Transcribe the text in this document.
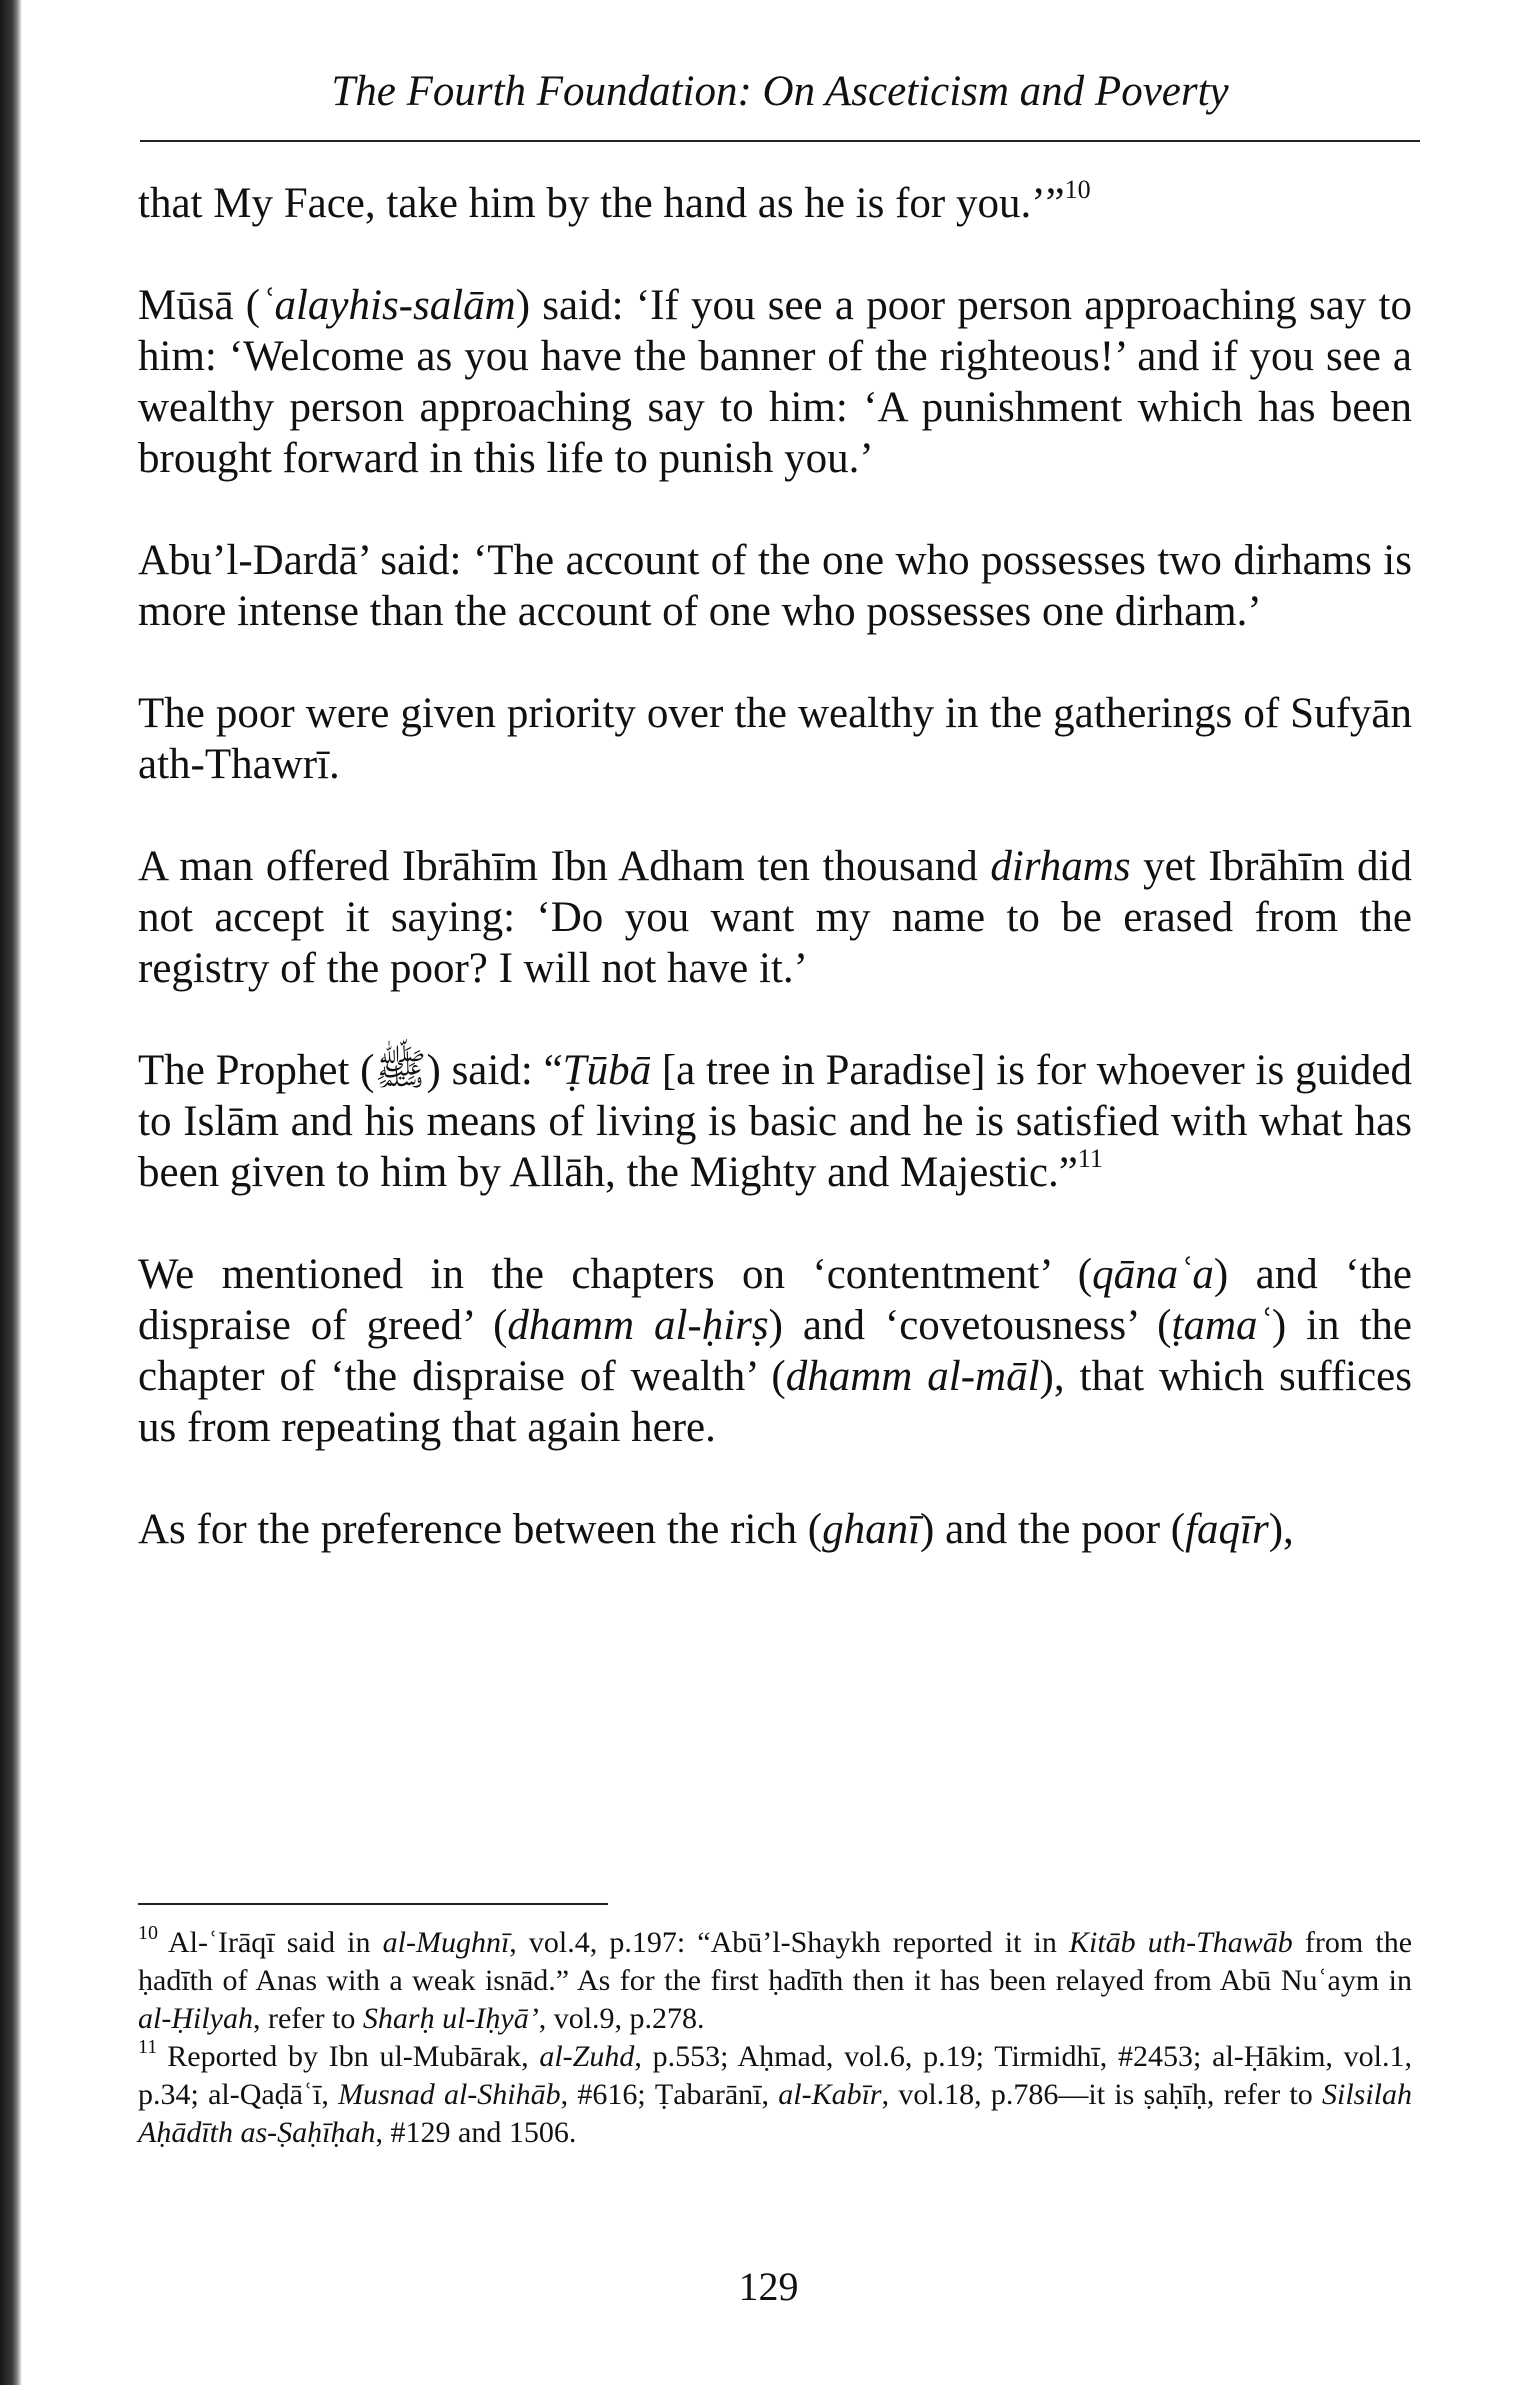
The Fourth Foundation: On Asceticism and Poverty

that My Face, take him by the hand as he is for you.’”$^{10}$

Mūsā (ʿalayhis-salām) said: ‘If you see a poor person approaching say to him: ‘Welcome as you have the banner of the righteous!’ and if you see a wealthy person approaching say to him: ‘A punishment which has been brought forward in this life to punish you.’

Abu’l-Dardā’ said: ‘The account of the one who possesses two dirhams is more intense than the account of one who possesses one dirham.’

The poor were given priority over the wealthy in the gatherings of Sufyān ath-Thawrī.

A man offered Ibrāhīm Ibn Adham ten thousand dirhams yet Ibrāhīm did not accept it saying: ‘Do you want my name to be erased from the registry of the poor? I will not have it.’

The Prophet (ﷺ) said: “Ṭūbā [a tree in Paradise] is for whoever is guided to Islām and his means of living is basic and he is satisfied with what has been given to him by Allāh, the Mighty and Majestic.”$^{11}$

We mentioned in the chapters on ‘contentment’ (qānaʿa) and ‘the dispraise of greed’ (dhamm al-ḥirṣ) and ‘covetousness’ (ṭamaʿ) in the chapter of ‘the dispraise of wealth’ (dhamm al-māl), that which suffices us from repeating that again here.

As for the preference between the rich (ghanī) and the poor (faqīr),

$^{10}$ Al-ʿIrāqī said in al-Mughnī, vol.4, p.197: “Abū’l-Shaykh reported it in Kitāb uth-Thawāb from the ḥadīth of Anas with a weak isnād.” As for the first ḥadīth then it has been relayed from Abū Nuʿaym in al-Ḥilyah, refer to Sharḥ ul-Iḥyā’, vol.9, p.278.

$^{11}$ Reported by Ibn ul-Mubārak, al-Zuhd, p.553; Aḥmad, vol.6, p.19; Tirmidhī, #2453; al-Ḥākim, vol.1, p.34; al-Qaḍāʿī, Musnad al-Shihāb, #616; Ṭabarānī, al-Kabīr, vol.18, p.786—it is ṣaḥīḥ, refer to Silsilah Aḥādīth as-Ṣaḥīḥah, #129 and 1506.

129
